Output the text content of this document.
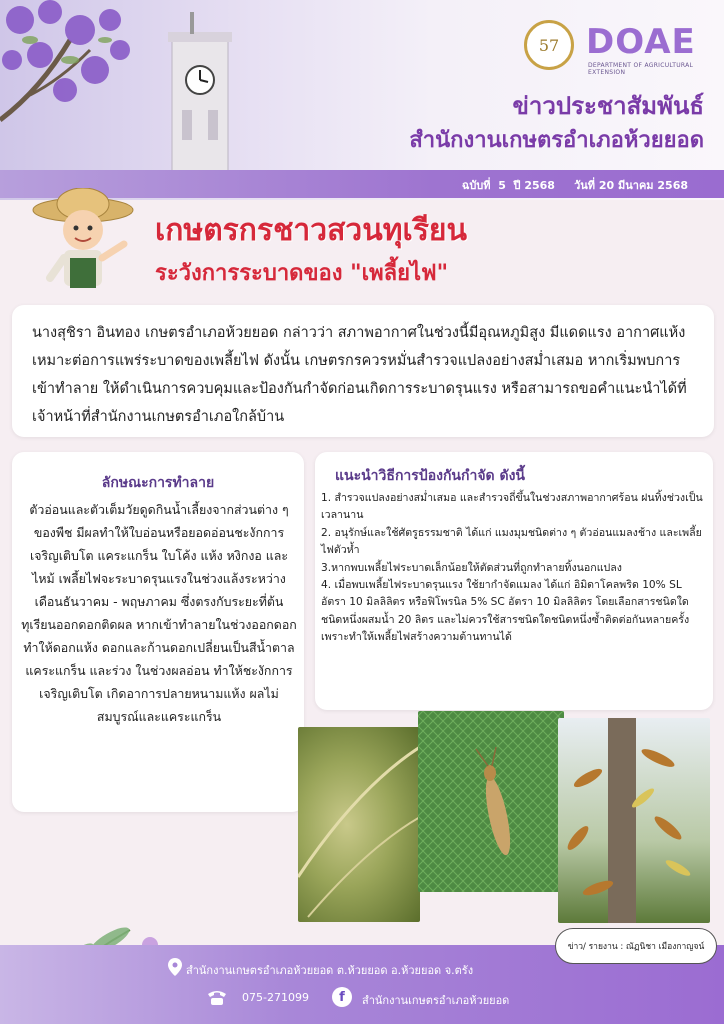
57 DOAE
DEPARTMENT OF AGRICULTURAL EXTENSION
ข่าวประชาสัมพันธ์
สำนักงานเกษตรอำเภอห้วยยอด
ฉบับที่  5  ปี 2568     วันที่ 20 มีนาคม 2568
เกษตรกรชาวสวนทุเรียน
ระวังการระบาดของ "เพลี้ยไฟ"

นางสุชิรา อินทอง เกษตรอำเภอห้วยยอด กล่าวว่า สภาพอากาศในช่วงนี้มีอุณหภูมิสูง มีแดดแรง อากาศแห้ง เหมาะต่อการแพร่ระบาดของเพลี้ยไฟ ดังนั้น เกษตรกรควรหมั่นสำรวจแปลงอย่างสม่ำเสมอ หากเริ่มพบการเข้าทำลาย ให้ดำเนินการควบคุมและป้องกันกำจัดก่อนเกิดการระบาดรุนแรง หรือสามารถขอคำแนะนำได้ที่เจ้าหน้าที่สำนักงานเกษตรอำเภอใกล้บ้าน

ลักษณะการทำลาย

ตัวอ่อนและตัวเต็มวัยดูดกินน้ำเลี้ยงจากส่วนต่าง ๆ ของพืช มีผลทำให้ใบอ่อนหรือยอดอ่อนชะงักการเจริญเติบโต แคระแกร็น ใบโค้ง แห้ง หงิกงอ และไหม้ เพลี้ยไฟจะระบาดรุนแรงในช่วงแล้งระหว่างเดือนธันวาคม - พฤษภาคม ซึ่งตรงกับระยะที่ต้นทุเรียนออกดอกติดผล หากเข้าทำลายในช่วงออกดอกทำให้ดอกแห้ง ดอกและก้านดอกเปลี่ยนเป็นสีน้ำตาล แคระแกร็น และร่วง ในช่วงผลอ่อน ทำให้ชะงักการเจริญเติบโต เกิดอาการปลายหนามแห้ง ผลไม่สมบูรณ์และแคระแกร็น

แนะนำวิธีการป้องกันกำจัด ดังนี้
1. สำรวจแปลงอย่างสม่ำเสมอ และสำรวจถี่ขึ้นในช่วงสภาพอากาศร้อน ฝนทิ้งช่วงเป็นเวลานาน
2. อนุรักษ์และใช้ศัตรูธรรมชาติ ได้แก่ แมงมุมชนิดต่าง ๆ ตัวอ่อนแมลงช้าง และเพลี้ยไฟตัวห้ำ
3.หากพบเพลี้ยไฟระบาดเล็กน้อยให้ตัดส่วนที่ถูกทำลายทิ้งนอกแปลง
4. เมื่อพบเพลี้ยไฟระบาดรุนแรง ใช้ยากำจัดแมลง ได้แก่ อิมิดาโคลพริด 10% SL
อัตรา 10 มิลลิลิตร หรือฟิโพรนิล 5% SC อัตรา 10 มิลลิลิตร โดยเลือกสารชนิดใดชนิดหนึ่งผสมน้ำ 20 ลิตร และไม่ควรใช้สารชนิดใดชนิดหนึ่งซ้ำติดต่อกันหลายครั้ง เพราะทำให้เพลี้ยไฟสร้างความต้านทานได้
ข่าว/ รายงาน : ณัฏนิชา เมืองกาญจน์
สำนักงานเกษตรอำเภอห้วยยอด ต.ห้วยยอด อ.ห้วยยอด จ.ตรัง
075-271099	f	สำนักงานเกษตรอำเภอห้วยยอด
